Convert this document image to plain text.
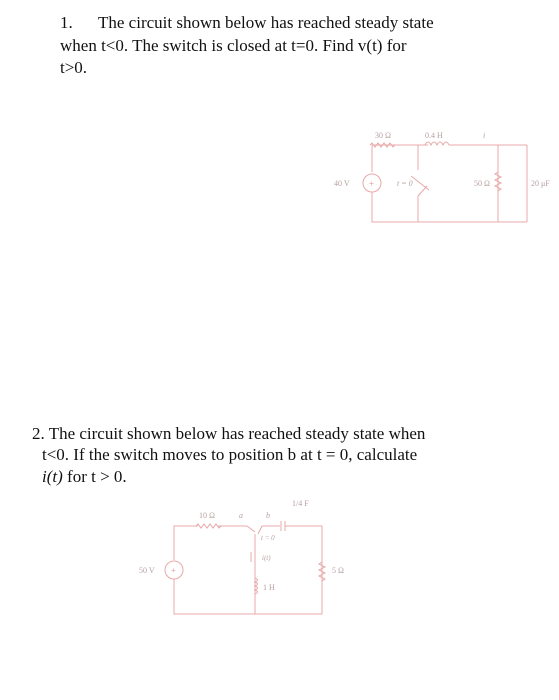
1. The circuit shown below has reached steady state
when t<0. The switch is closed at t=0. Find v(t) for
t>0.
2. The circuit shown below has reached steady state when
t<0. If the switch moves to position b at t = 0, calculate
i(t) for t > 0.
30 Ω	0.4 H	i
40 V +	t = 0	50 Ω	20 μF
10 Ω	a	b
1/4 F
t = 0
i(t)
50 V +	5 Ω
1 H
